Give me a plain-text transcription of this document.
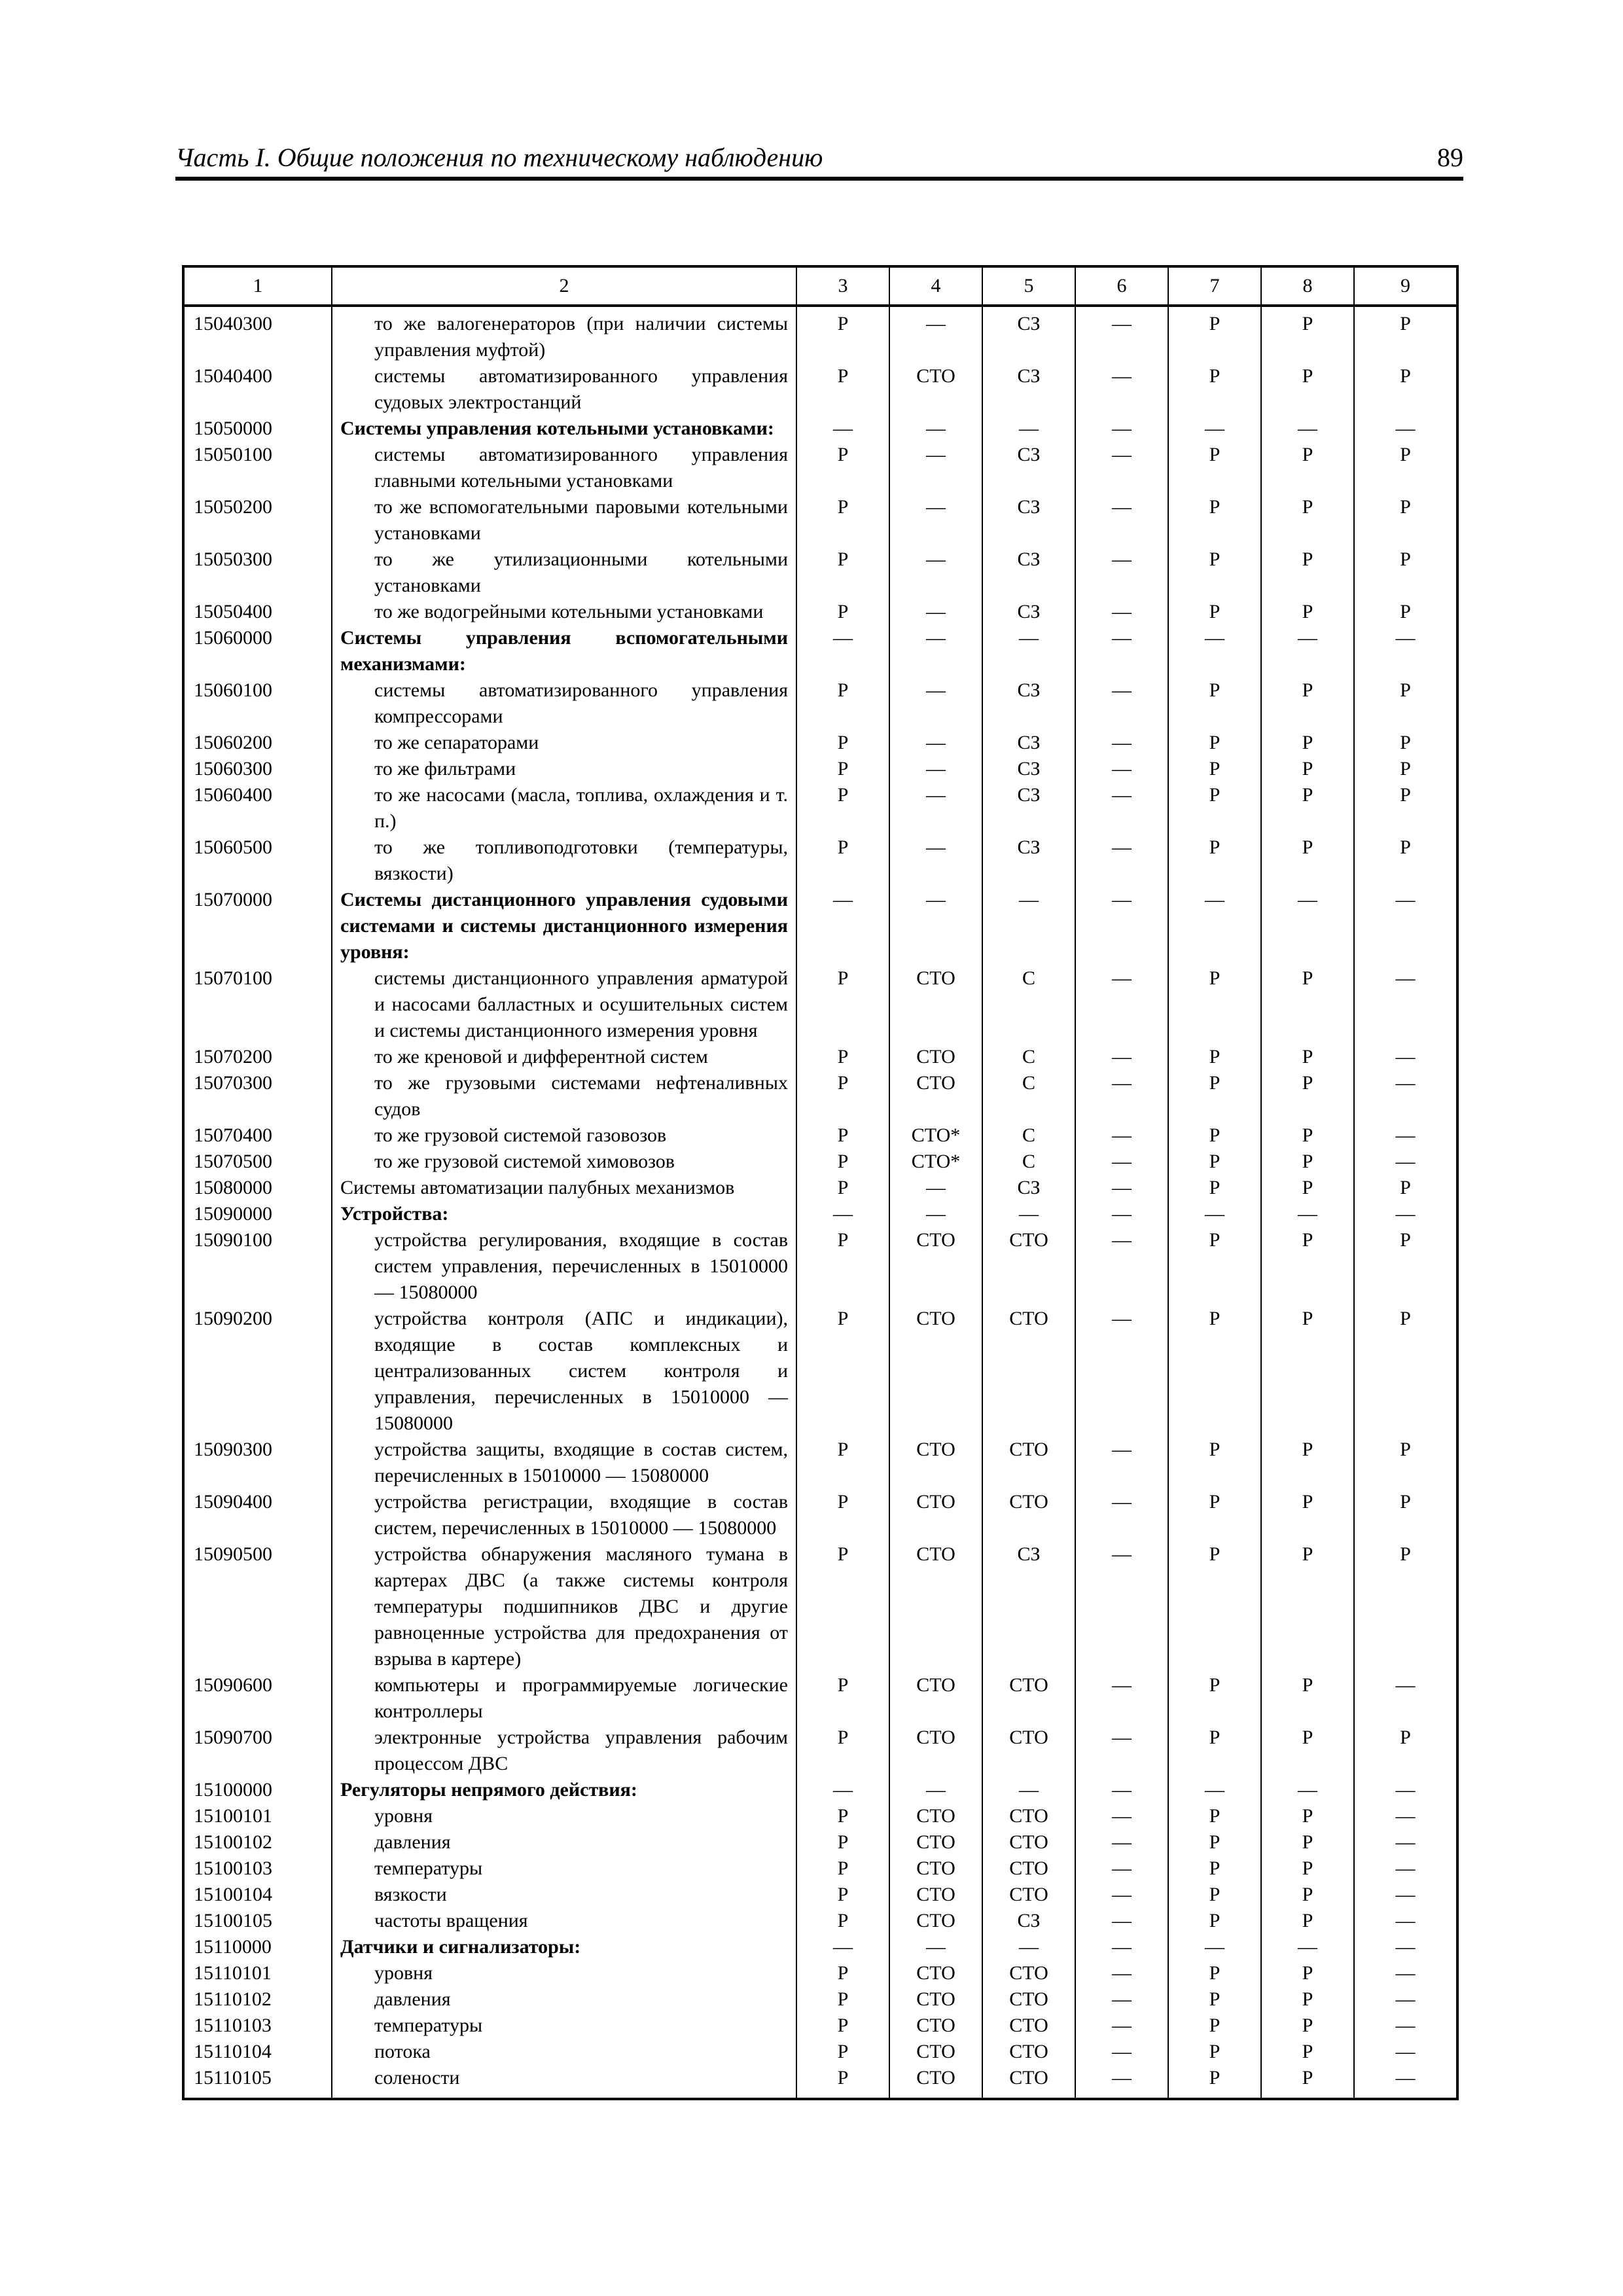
Часть I. Общие положения по техническому наблюдению	89
1	2	3	4	5	6	7	8	9
15040300	то же валогенераторов (при наличии системы управления муфтой)	Р	—	СЗ	—	Р	Р	Р
15040400	системы автоматизированного управления судовых электростанций	Р	СТО	СЗ	—	Р	Р	Р
15050000	Системы управления котельными установками:	—	—	—	—	—	—	—
15050100	системы автоматизированного управления главными котельными установками	Р	—	СЗ	—	Р	Р	Р
15050200	то же вспомогательными паровыми котельными установками	Р	—	СЗ	—	Р	Р	Р
15050300	то же утилизационными котельными установками	Р	—	СЗ	—	Р	Р	Р
15050400	то же водогрейными котельными установками	Р	—	СЗ	—	Р	Р	Р
15060000	Системы управления вспомогательными механизмами:	—	—	—	—	—	—	—
15060100	системы автоматизированного управления компрессорами	Р	—	СЗ	—	Р	Р	Р
15060200	то же сепараторами	Р	—	СЗ	—	Р	Р	Р
15060300	то же фильтрами	Р	—	СЗ	—	Р	Р	Р
15060400	то же насосами (масла, топлива, охлаждения и т. п.)	Р	—	СЗ	—	Р	Р	Р
15060500	то же топливоподготовки (температуры, вязкости)	Р	—	СЗ	—	Р	Р	Р
15070000	Системы дистанционного управления судовыми системами и системы дистанционного измерения уровня:	—	—	—	—	—	—	—
15070100	системы дистанционного управления арматурой и насосами балластных и осушительных систем и системы дистанционного измерения уровня	Р	СТО	С	—	Р	Р	—
15070200	то же креновой и дифферентной систем	Р	СТО	С	—	Р	Р	—
15070300	то же грузовыми системами нефтеналивных судов	Р	СТО	С	—	Р	Р	—
15070400	то же грузовой системой газовозов	Р	СТО*	С	—	Р	Р	—
15070500	то же грузовой системой химовозов	Р	СТО*	С	—	Р	Р	—
15080000	Системы автоматизации палубных механизмов	Р	—	СЗ	—	Р	Р	Р
15090000	Устройства:	—	—	—	—	—	—	—
15090100	устройства регулирования, входящие в состав систем управления, перечисленных в 15010000 — 15080000	Р	СТО	СТО	—	Р	Р	Р
15090200	устройства контроля (АПС и индикации), входящие в состав комплексных и централизованных систем контроля и управления, перечисленных в 15010000 — 15080000	Р	СТО	СТО	—	Р	Р	Р
15090300	устройства защиты, входящие в состав систем, перечисленных в 15010000 — 15080000	Р	СТО	СТО	—	Р	Р	Р
15090400	устройства регистрации, входящие в состав систем, перечисленных в 15010000 — 15080000	Р	СТО	СТО	—	Р	Р	Р
15090500	устройства обнаружения масляного тумана в картерах ДВС (а также системы контроля температуры подшипников ДВС и другие равноценные устройства для предохранения от взрыва в картере)	Р	СТО	СЗ	—	Р	Р	Р
15090600	компьютеры и программируемые логические контроллеры	Р	СТО	СТО	—	Р	Р	—
15090700	электронные устройства управления рабочим процессом ДВС	Р	СТО	СТО	—	Р	Р	Р
15100000	Регуляторы непрямого действия:	—	—	—	—	—	—	—
15100101	уровня	Р	СТО	СТО	—	Р	Р	—
15100102	давления	Р	СТО	СТО	—	Р	Р	—
15100103	температуры	Р	СТО	СТО	—	Р	Р	—
15100104	вязкости	Р	СТО	СТО	—	Р	Р	—
15100105	частоты вращения	Р	СТО	СЗ	—	Р	Р	—
15110000	Датчики и сигнализаторы:	—	—	—	—	—	—	—
15110101	уровня	Р	СТО	СТО	—	Р	Р	—
15110102	давления	Р	СТО	СТО	—	Р	Р	—
15110103	температуры	Р	СТО	СТО	—	Р	Р	—
15110104	потока	Р	СТО	СТО	—	Р	Р	—
15110105	солености	Р	СТО	СТО	—	Р	Р	—
